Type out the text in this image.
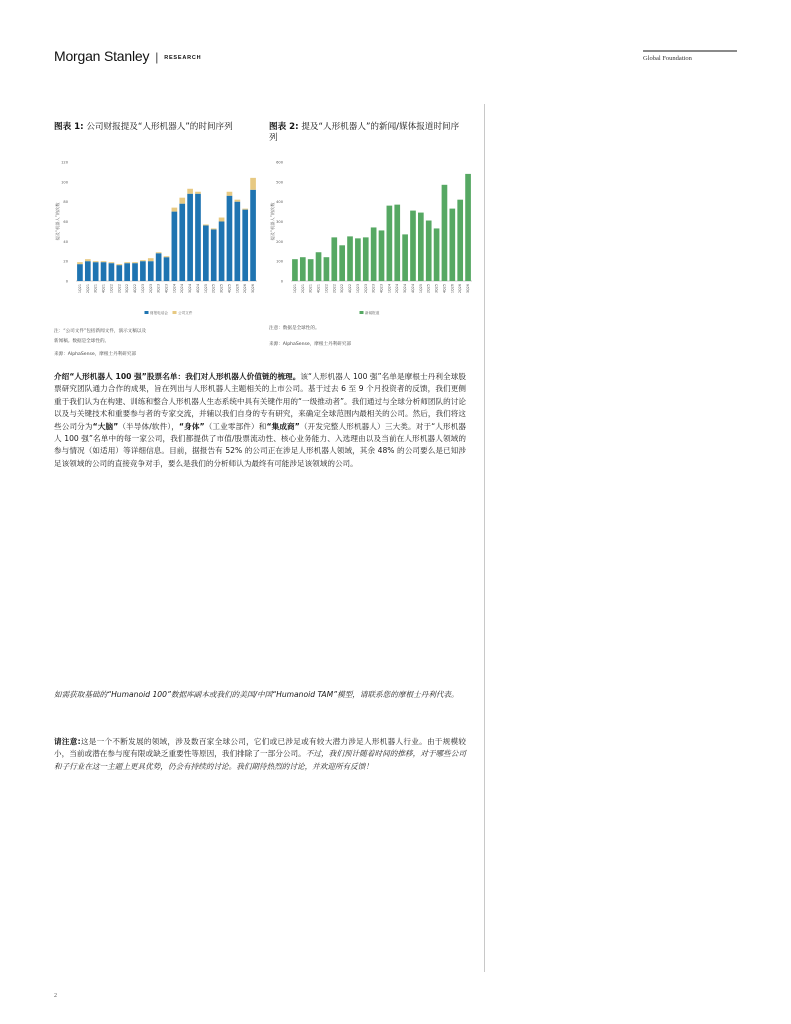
Morgan Stanley | RESEARCH	Global Foundation
图表 1: 公司财报提及“人形机器人”的时间序列
0
20
40
60
80
100
120
提及“机器人”的次数
1Q21 2Q21 3Q21 4Q21 1Q22 2Q22 3Q22 4Q22 1Q23 2Q23 3Q23 4Q23 1Q24 2Q24 3Q24 4Q24 1Q25 2Q25 3Q25 4Q25 1Q26 2Q26 3Q26
财报电话会	公司文件
注：“公司文件”包括新闻文件，演示文稿以及
新闻稿。数据是全球性的。
来源：AlphaSense，摩根士丹利研究部
图表 2: 提及“人形机器人”的新闻/媒体报道时间序列
0
100
200
300
400
500
600
提及“机器人”的次数
1Q21 2Q21 3Q21 4Q21 1Q22 2Q22 3Q22 4Q22 1Q23 2Q23 3Q23 4Q23 1Q24 2Q24 3Q24 4Q24 1Q25 2Q25 3Q25 4Q25 1Q26 2Q26 3Q26
新闻报道
注意：数据是全球性的。
来源：AlphaSense，摩根士丹利研究部
介绍“人形机器人 100 强”股票名单：我们对人形机器人价值链的梳理。该“人形机器人 100 强”名单是摩根士丹利全球股票研究团队通力合作的成果，旨在列出与人形机器人主题相关的上市公司。基于过去 6 至 9 个月投资者的反馈，我们更侧重于我们认为在构建、训练和整合人形机器人生态系统中具有关键作用的“一级推动者”。我们通过与全球分析师团队的讨论以及与关键技术和重要参与者的专家交流，并辅以我们自身的专有研究，来确定全球范围内最相关的公司。然后，我们将这些公司分为“大脑”（半导体/软件），“身体”（工业零部件）和“集成商”（开发完整人形机器人）三大类。对于“人形机器人 100 强”名单中的每一家公司，我们都提供了市值/股票流动性、核心业务能力、入选理由以及当前在人形机器人领域的参与情况（如适用）等详细信息。目前，据报告有 52% 的公司正在涉足人形机器人领域，其余 48% 的公司要么是已知涉足该领域的公司的直接竞争对手，要么是我们的分析师认为最终有可能涉足该领域的公司。
如需获取基础的“Humanoid 100”数据库副本或我们的美国/中国“Humanoid TAM”模型，请联系您的摩根士丹利代表。
请注意:这是一个不断发展的领域，涉及数百家全球公司，它们或已涉足或有较大潜力涉足人形机器人行业。由于规模较小，当前或潜在参与度有限或缺乏重要性等原因，我们排除了一部分公司。不过，我们预计随着时间的推移，对于哪些公司和子行业在这一主题上更具优势，仍会有持续的讨论。我们期待热烈的讨论，并欢迎所有反馈！
2
